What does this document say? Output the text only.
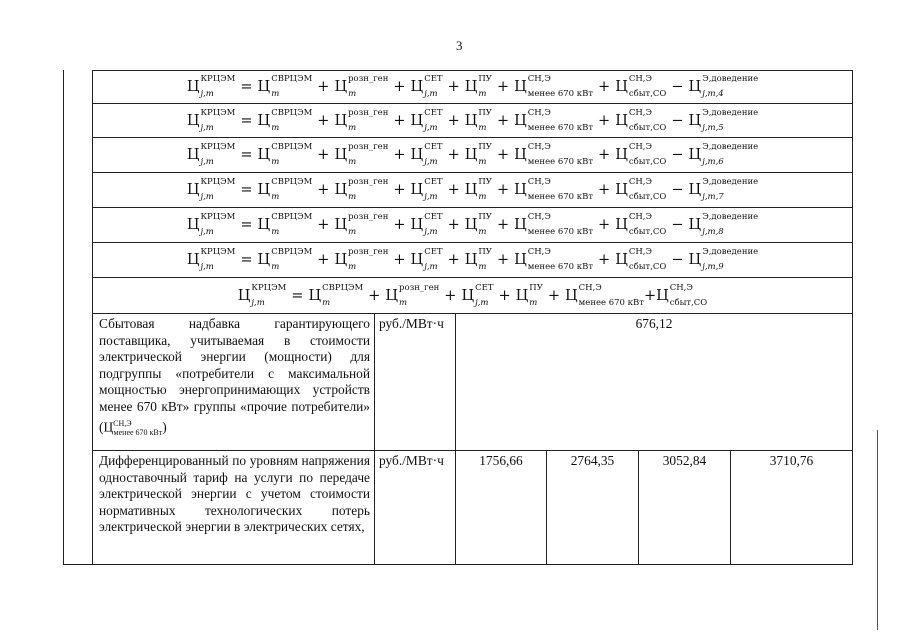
3
Ц КРЦЭМ
j,m	= Ц СВРЦЭМ
m	+ Ц розн_ген
m	+ Ц СЕТ
j,m + Ц ПУ
m + Ц СН,Э
менее 670 кВт + Ц СН,Э
сбыт,СО − Ц Э,доведение
j,m,4
Ц КРЦЭМ
j,m	= Ц СВРЦЭМ
m	+ Ц розн_ген
m	+ Ц СЕТ
j,m + Ц ПУ
m + Ц СН,Э
менее 670 кВт + Ц СН,Э
сбыт,СО − Ц Э,доведение
j,m,5
Ц КРЦЭМ
j,m	= Ц СВРЦЭМ
m	+ Ц розн_ген
m	+ Ц СЕТ
j,m + Ц ПУ
m + Ц СН,Э
менее 670 кВт + Ц СН,Э
сбыт,СО − Ц Э,доведение
j,m,6
Ц КРЦЭМ
j,m	= Ц СВРЦЭМ
m	+ Ц розн_ген
m	+ Ц СЕТ
j,m + Ц ПУ
m + Ц СН,Э
менее 670 кВт + Ц СН,Э
сбыт,СО − Ц Э,доведение
j,m,7
Ц КРЦЭМ
j,m	= Ц СВРЦЭМ
m	+ Ц розн_ген
m	+ Ц СЕТ
j,m + Ц ПУ
m + Ц СН,Э
менее 670 кВт + Ц СН,Э
сбыт,СО − Ц Э,доведение
j,m,8
Ц КРЦЭМ
j,m	= Ц СВРЦЭМ
m	+ Ц розн_ген
m	+ Ц СЕТ
j,m + Ц ПУ
m + Ц СН,Э
менее 670 кВт + Ц СН,Э
сбыт,СО − Ц Э,доведение
j,m,9
Ц КРЦЭМ
j,m	= Ц СВРЦЭМ
m	+ Ц розн_ген
m	+ Ц СЕТ
j,m + Ц ПУ
m + Ц СН,Э
менее 670 кВт +Ц СН,Э
сбыт,СО
Сбытовая надбавка гарантирующего поставщика, учитываемая в стоимости электрической энергии (мощности) для подгруппы «потребители с максимальной мощностью энергопринимающих устройств менее 670 кВт» группы «прочие потребители» $(Ц^{СН,Э}_{менее 670 кВт})$
руб./МВт·ч	676,12
Дифференцированный по уровням напряжения одноставочный тариф на услуги по передаче электрической энергии с учетом стоимости нормативных технологических потерь электрической энергии в электрических сетях,
руб./МВт·ч	1756,66	2764,35	3052,84	3710,76
